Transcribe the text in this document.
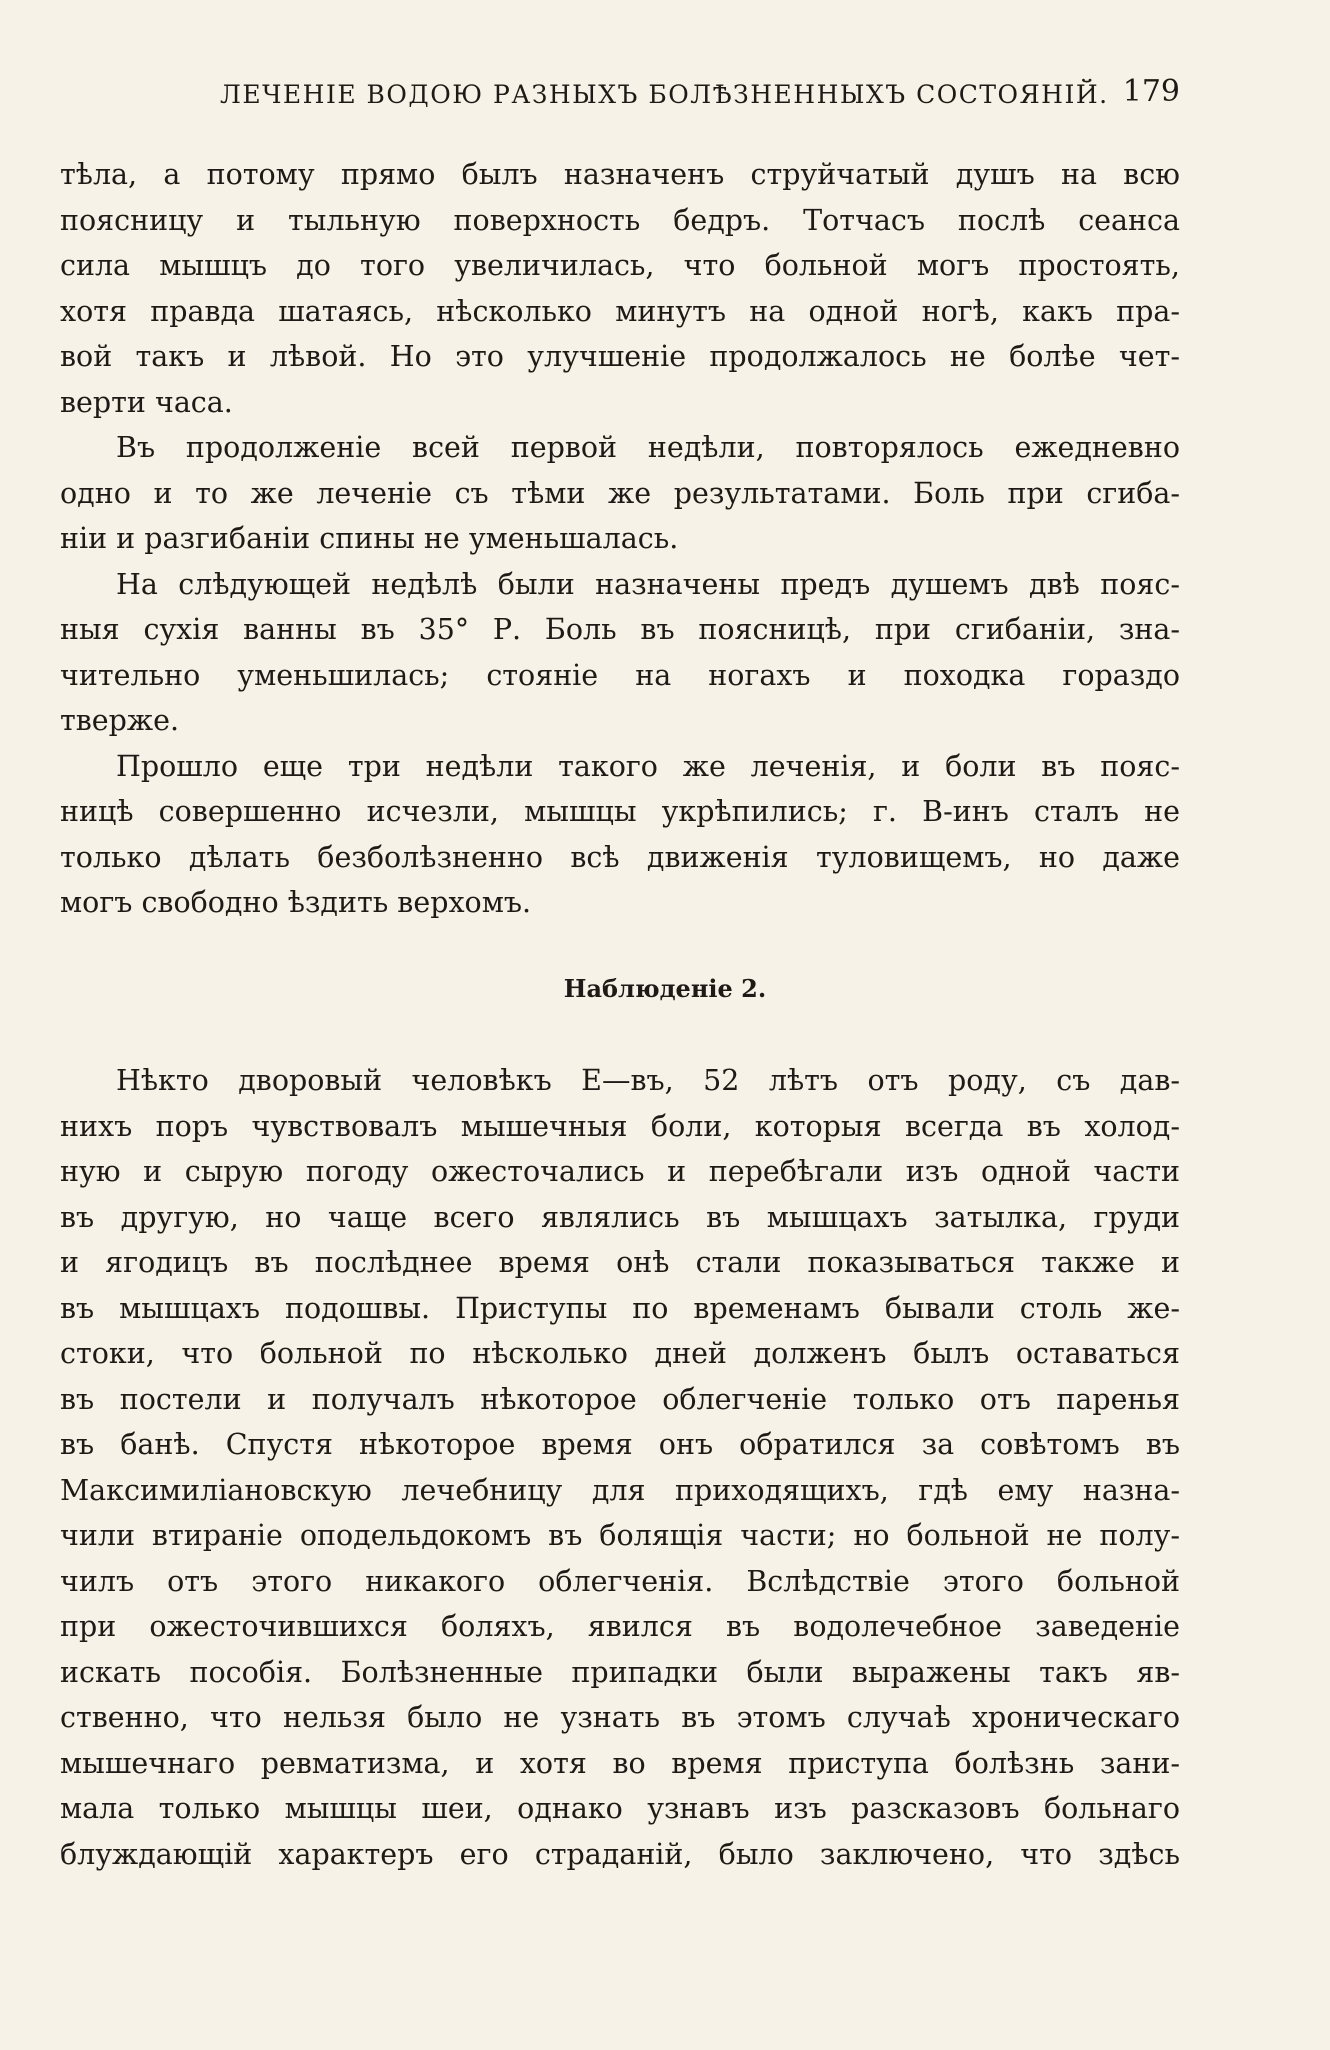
ЛЕЧЕНІЕ ВОДОЮ РАЗНЫХЪ БОЛѢЗНЕННЫХЪ СОСТОЯНІЙ. 179
тѣла, а потому прямо былъ назначенъ струйчатый душъ на всю
поясницу и тыльную поверхность бедръ. Тотчасъ послѣ сеанса
сила мышцъ до того увеличилась, что больной могъ простоять,
хотя правда шатаясь, нѣсколько минутъ на одной ногѣ, какъ пра-
вой такъ и лѣвой. Но это улучшеніе продолжалось не болѣе чет-
верти часа.
Въ продолженіе всей первой недѣли, повторялось ежедневно
одно и то же леченіе съ тѣми же результатами. Боль при сгиба-
ніи и разгибаніи спины не уменьшалась.
На слѣдующей недѣлѣ были назначены предъ душемъ двѣ пояс-
ныя сухія ванны въ 35° Р. Боль въ поясницѣ, при сгибаніи, зна-
чительно уменьшилась; стояніе на ногахъ и походка гораздо
тверже.
Прошло еще три недѣли такого же леченія, и боли въ пояс-
ницѣ совершенно исчезли, мышцы укрѣпились; г. В-инъ сталъ не
только дѣлать безболѣзненно всѣ движенія туловищемъ, но даже
могъ свободно ѣздить верхомъ.
Наблюденіе 2.
Нѣкто дворовый человѣкъ Е—въ, 52 лѣтъ отъ роду, съ дав-
нихъ поръ чувствовалъ мышечныя боли, которыя всегда въ холод-
ную и сырую погоду ожесточались и перебѣгали изъ одной части
въ другую, но чаще всего являлись въ мышцахъ затылка, груди
и ягодицъ въ послѣднее время онѣ стали показываться также и
въ мышцахъ подошвы. Приступы по временамъ бывали столь же-
стоки, что больной по нѣсколько дней долженъ былъ оставаться
въ постели и получалъ нѣкоторое облегченіе только отъ паренья
въ банѣ. Спустя нѣкоторое время онъ обратился за совѣтомъ въ
Максимиліановскую лечебницу для приходящихъ, гдѣ ему назна-
чили втираніе оподельдокомъ въ болящія части; но больной не полу-
чилъ отъ этого никакого облегченія. Вслѣдствіе этого больной
при ожесточившихся боляхъ, явился въ водолечебное заведеніе
искать пособія. Болѣзненные припадки были выражены такъ яв-
ственно, что нельзя было не узнать въ этомъ случаѣ хроническаго
мышечнаго ревматизма, и хотя во время приступа болѣзнь зани-
мала только мышцы шеи, однако узнавъ изъ разсказовъ больнаго
блуждающій характеръ его страданій, было заключено, что здѣсь
